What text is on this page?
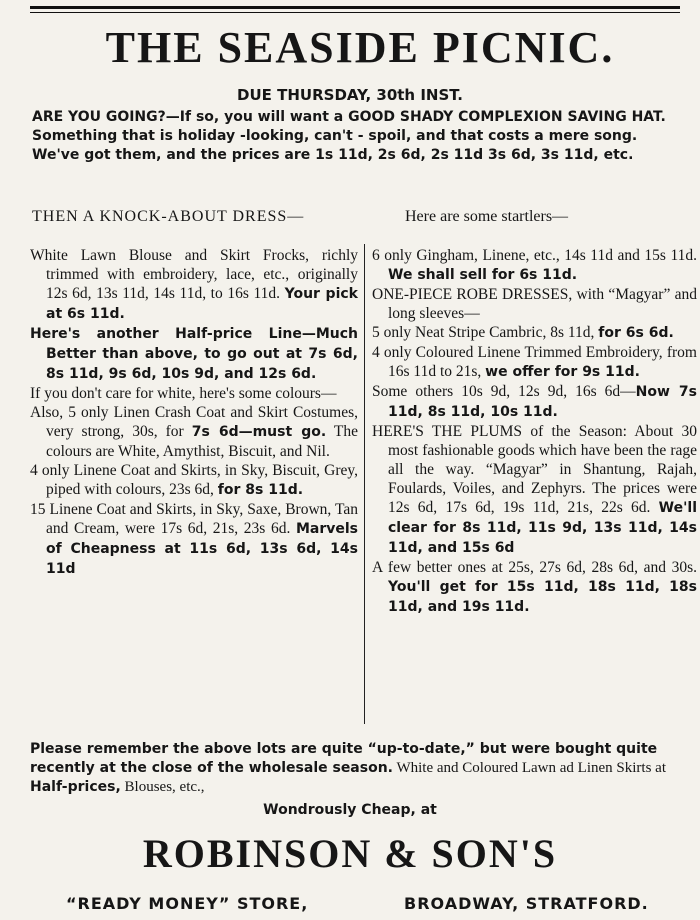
THE SEASIDE PICNIC.
DUE THURSDAY, 30th INST.
ARE YOU GOING?—If so, you will want a GOOD SHADY COMPLEXION SAVING HAT. Something that is holiday -looking, can't - spoil, and that costs a mere song. We've got them, and the prices are 1s 11d, 2s 6d, 2s 11d 3s 6d, 3s 11d, etc.
THEN A KNOCK-ABOUT DRESS—	Here are some startlers—

White Lawn Blouse and Skirt Frocks, richly trimmed with embroidery, lace, etc., originally 12s 6d, 13s 11d, 14s 11d, to 16s 11d. Your pick at 6s 11d.

Here's another Half-price Line—Much Better than above, to go out at 7s 6d, 8s 11d, 9s 6d, 10s 9d, and 12s 6d.

If you don't care for white, here's some colours—

Also, 5 only Linen Crash Coat and Skirt Costumes, very strong, 30s, for 7s 6d—must go. The colours are White, Amythist, Biscuit, and Nil.

4 only Linene Coat and Skirts, in Sky, Biscuit, Grey, piped with colours, 23s 6d, for 8s 11d.

15 Linene Coat and Skirts, in Sky, Saxe, Brown, Tan and Cream, were 17s 6d, 21s, 23s 6d. Marvels of Cheapness at 11s 6d, 13s 6d, 14s 11d

6 only Gingham, Linene, etc., 14s 11d and 15s 11d. We shall sell for 6s 11d.

ONE-PIECE ROBE DRESSES, with “Magyar” and long sleeves—

5 only Neat Stripe Cambric, 8s 11d, for 6s 6d.

4 only Coloured Linene Trimmed Embroidery, from 16s 11d to 21s, we offer for 9s 11d.

Some others 10s 9d, 12s 9d, 16s 6d—Now 7s 11d, 8s 11d, 10s 11d.

HERE'S THE PLUMS of the Season: About 30 most fashionable goods which have been the rage all the way. “Magyar” in Shantung, Rajah, Foulards, Voiles, and Zephyrs. The prices were 12s 6d, 17s 6d, 19s 11d, 21s, 22s 6d. We'll clear for 8s 11d, 11s 9d, 13s 11d, 14s 11d, and 15s 6d

A few better ones at 25s, 27s 6d, 28s 6d, and 30s. You'll get for 15s 11d, 18s 11d, 18s 11d, and 19s 11d.

Please remember the above lots are quite “up-to-date,” but were bought quite recently at the close of the wholesale season. White and Coloured Lawn ad Linen Skirts at Half-prices, Blouses, etc.,
Wondrously Cheap, at
ROBINSON & SON'S
“READY MONEY” STORE,	BROADWAY, STRATFORD.
